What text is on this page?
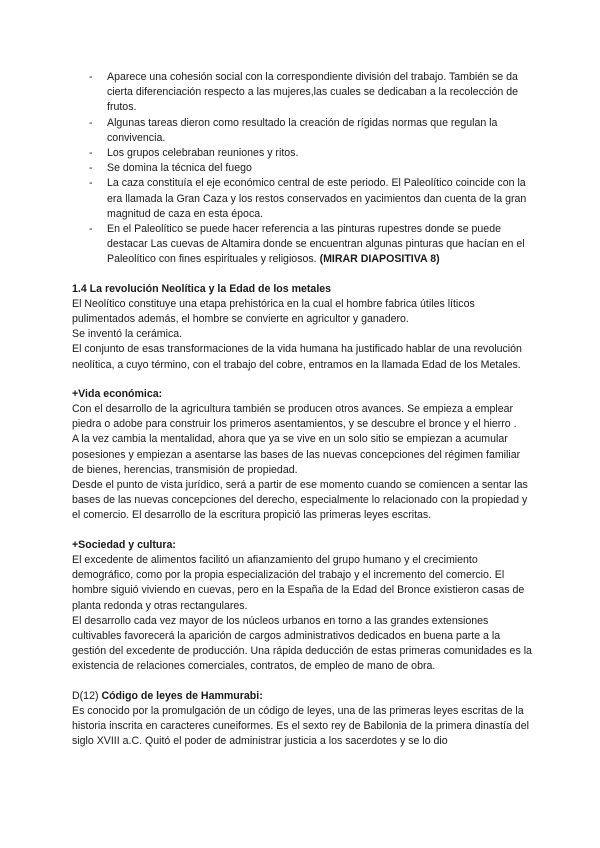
- Aparece una cohesión social con la correspondiente división del trabajo. También se da cierta diferenciación respecto a las mujeres,las cuales se dedicaban a la recolección de frutos.
- Algunas tareas dieron como resultado la creación de rígidas normas que regulan la convivencia.
- Los grupos celebraban reuniones y ritos.
- Se domina la técnica del fuego
- La caza constituía el eje económico central de este periodo. El Paleolítico coincide con la era llamada la Gran Caza y los restos conservados en yacimientos dan cuenta de la gran magnitud de caza en esta época.
- En el Paleolítico se puede hacer referencia a las pinturas rupestres donde se puede destacar Las cuevas de Altamira donde se encuentran algunas pinturas que hacían en el Paleolítico con fines espirituales y religiosos. (MIRAR DIAPOSITIVA 8)

1.4 La revolución Neolítica y la Edad de los metales

El Neolítico constituye una etapa prehistórica en la cual el hombre fabrica útiles líticos pulimentados además, el hombre se convierte en agricultor y ganadero.

Se inventó la cerámica.

El conjunto de esas transformaciones de la vida humana ha justificado hablar de una revolución neolítica, a cuyo término, con el trabajo del cobre, entramos en la llamada Edad de los Metales.

+Vida económica:

Con el desarrollo de la agricultura también se producen otros avances. Se empieza a emplear piedra o adobe para construir los primeros asentamientos, y se descubre el bronce y el hierro .

A la vez cambia la mentalidad, ahora que ya se vive en un solo sitio se empiezan a acumular posesiones y empiezan a asentarse las bases de las nuevas concepciones del régimen familiar de bienes, herencias, transmisión de propiedad.

Desde el punto de vista jurídico, será a partir de ese momento cuando se comiencen a sentar las bases de las nuevas concepciones del derecho, especialmente lo relacionado con la propiedad y el comercio. El desarrollo de la escritura propició las primeras leyes escritas.

+Sociedad y cultura:

El excedente de alimentos facilitó un afianzamiento del grupo humano y el crecimiento demográfico, como por la propia especialización del trabajo y el incremento del comercio. El hombre siguió viviendo en cuevas, pero en la España de la Edad del Bronce existieron casas de planta redonda y otras rectangulares.

El desarrollo cada vez mayor de los núcleos urbanos en torno a las grandes extensiones cultivables favorecerá la aparición de cargos administrativos dedicados en buena parte a la gestión del excedente de producción. Una rápida deducción de estas primeras comunidades es la existencia de relaciones comerciales, contratos, de empleo de mano de obra.

D(12) Código de leyes de Hammurabi:

Es conocido por la promulgación de un código de leyes, una de las primeras leyes escritas de la historia inscrita en caracteres cuneiformes. Es el sexto rey de Babilonia de la primera dinastía del siglo XVIII a.C. Quitó el poder de administrar justicia a los sacerdotes y se lo dio
